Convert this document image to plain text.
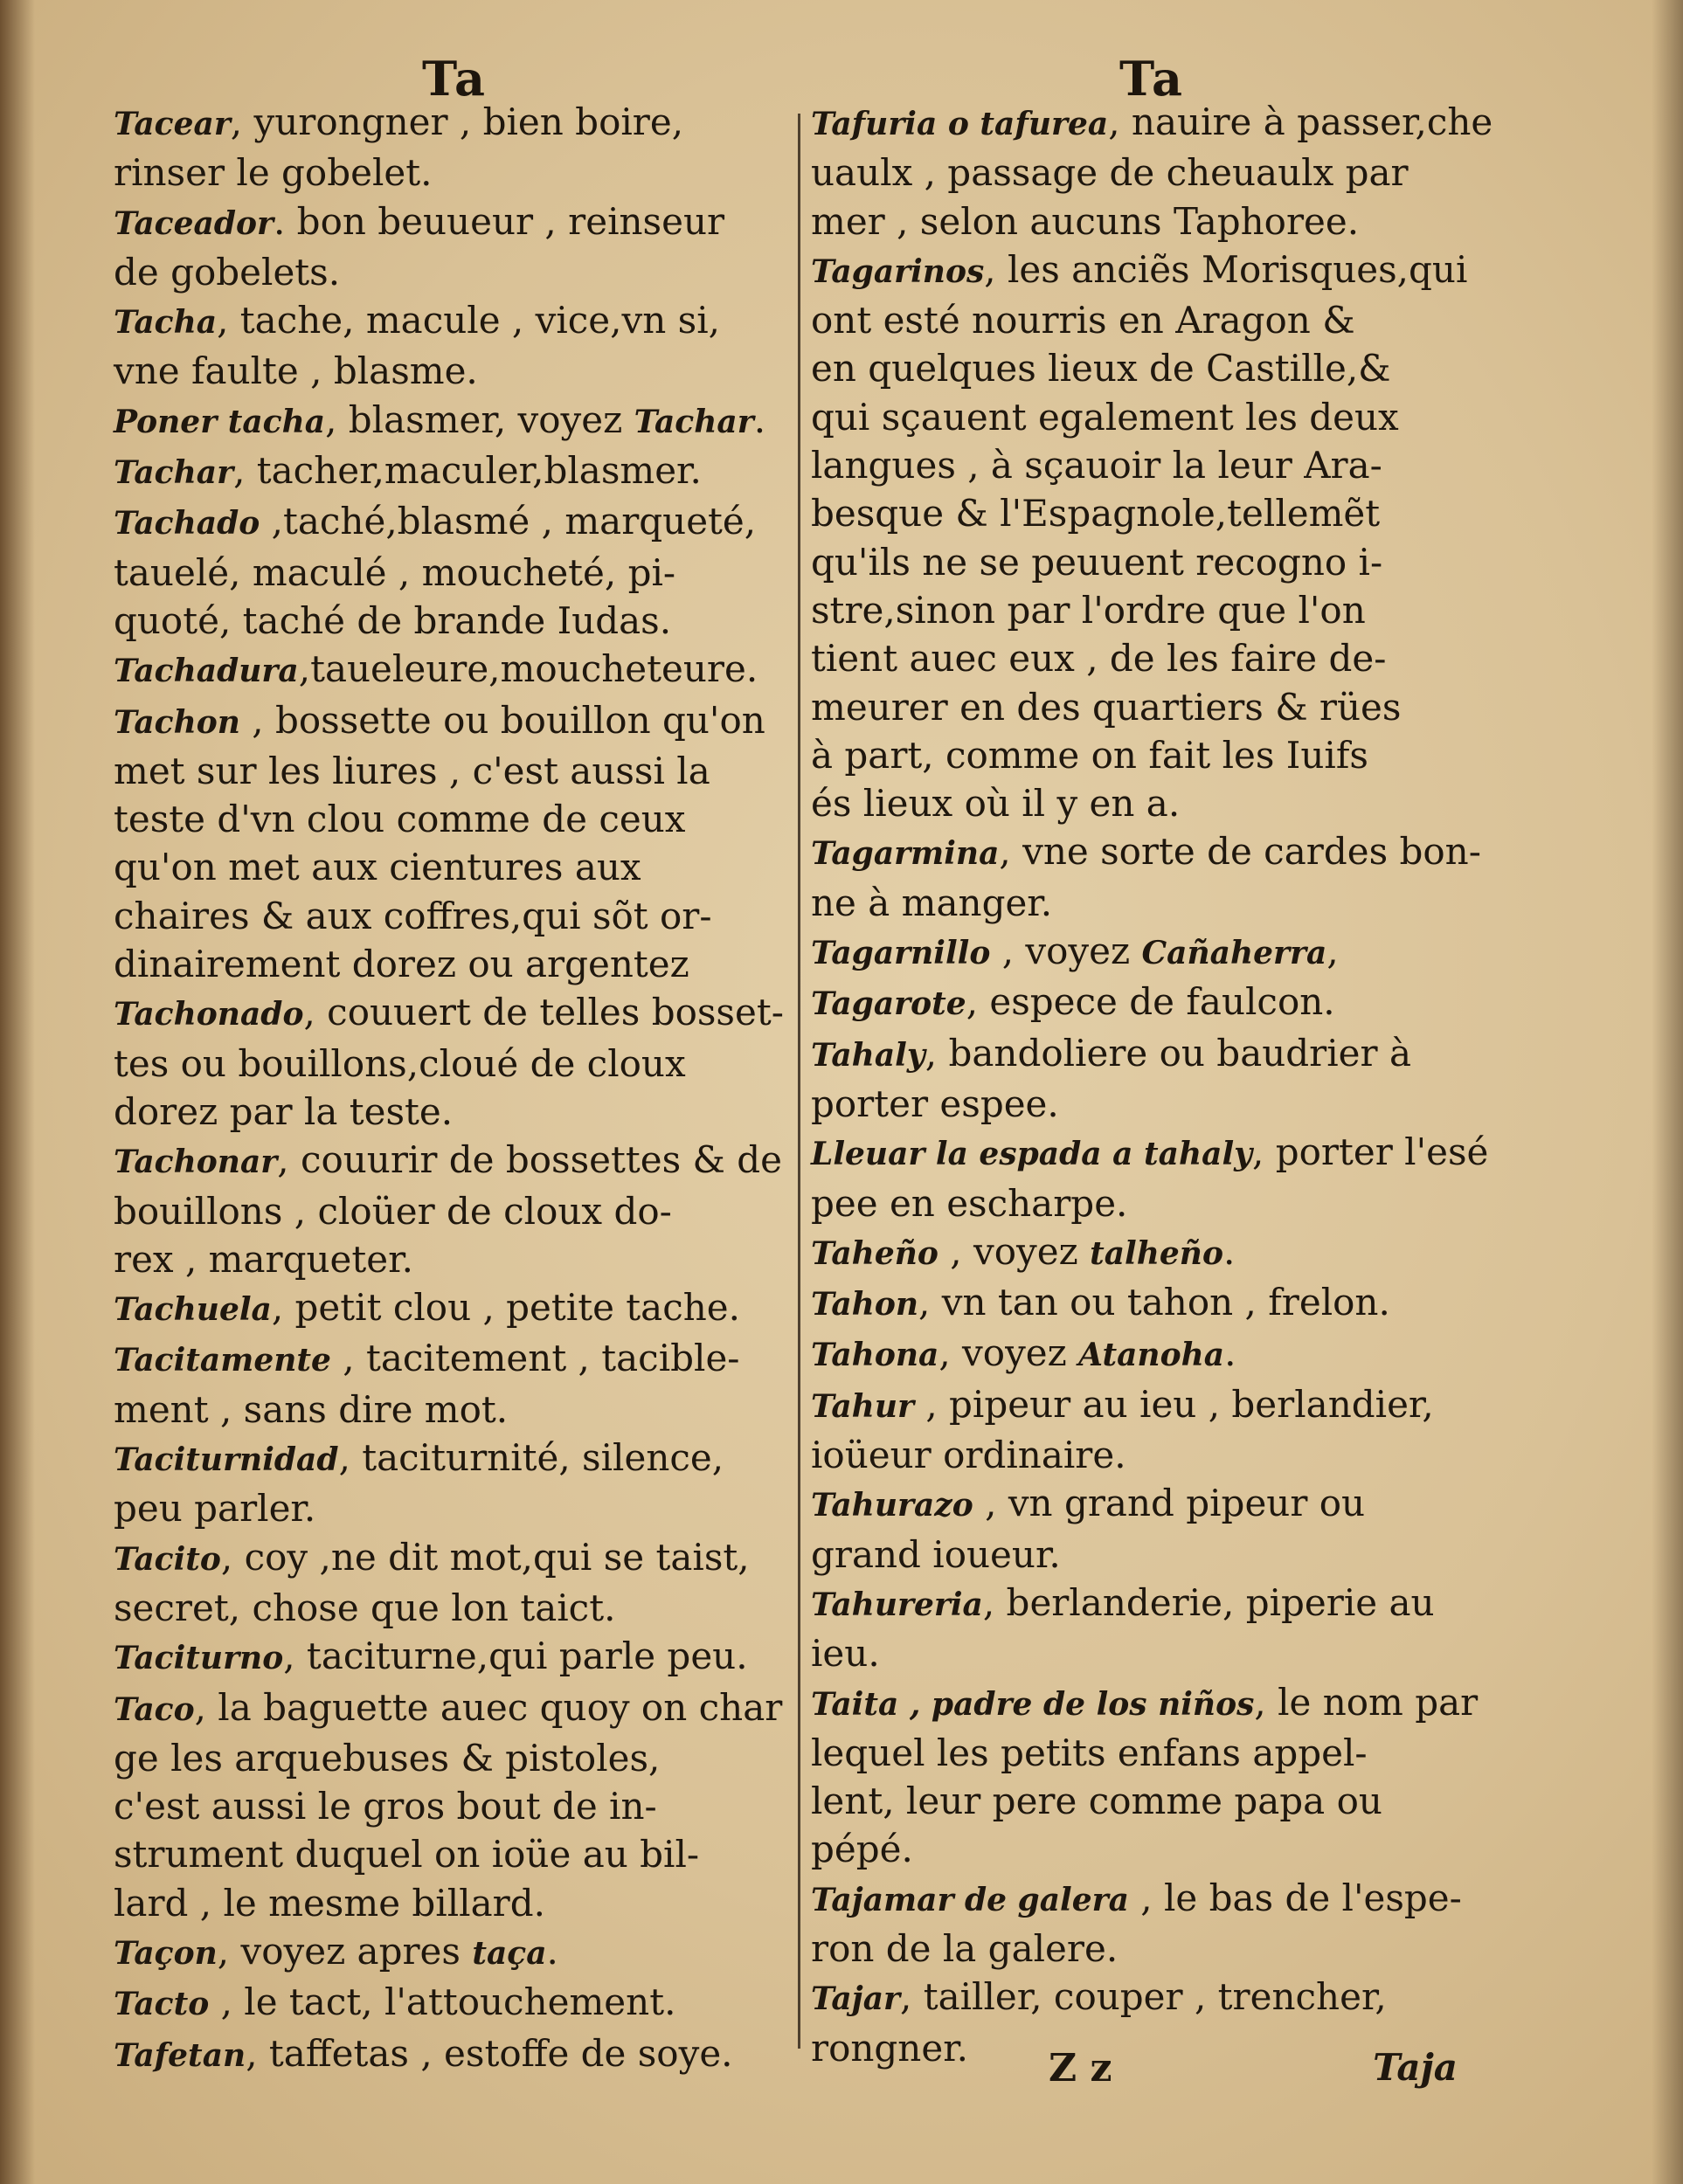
Ta
Tacear, yurongner , bien boire,
rinser le gobelet.
Taceador. bon beuueur , reinseur
de gobelets.
Tacha, tache, macule , vice,vn si,
vne faulte , blasme.
Poner tacha, blasmer, voyez Tachar.
Tachar, tacher,maculer,blasmer.
Tachado ,taché,blasmé , marqueté,
tauelé, maculé , moucheté, pi-
quoté, taché de brande Iudas.
Tachadura,taueleure,moucheteure.
Tachon , bossette ou bouillon qu'on
met sur les liures , c'est aussi la
teste d'vn clou comme de ceux
qu'on met aux cientures aux
chaires & aux coffres,qui sõt or-
dinairement dorez ou argentez
Tachonado, couuert de telles bosset-
tes ou bouillons,cloué de cloux
dorez par la teste.
Tachonar, couurir de bossettes & de
bouillons , cloüer de cloux do-
rex , marqueter.
Tachuela, petit clou , petite tache.
Tacitamente , tacitement , tacible-
ment , sans dire mot.
Taciturnidad, taciturnité, silence,
peu parler.
Tacito, coy ,ne dit mot,qui se taist,
secret, chose que lon taict.
Taciturno, taciturne,qui parle peu.
Taco, la baguette auec quoy on char
ge les arquebuses & pistoles,
c'est aussi le gros bout de in-
strument duquel on ioüe au bil-
lard , le mesme billard.
Taçon, voyez apres taça.
Tacto , le tact, l'attouchement.
Tafetan, taffetas , estoffe de soye.
Ta
Tafuria o tafurea, nauire à passer,che
uaulx , passage de cheuaulx par
mer , selon aucuns Taphoree.
Tagarinos, les anciẽs Morisques,qui
ont esté nourris en Aragon &
en quelques lieux de Castille,&
qui sçauent egalement les deux
langues , à sçauoir la leur Ara-
besque & l'Espagnole,tellemẽt
qu'ils ne se peuuent recogno i-
stre,sinon par l'ordre que l'on
tient auec eux , de les faire de-
meurer en des quartiers & rües
à part, comme on fait les Iuifs
és lieux où il y en a.
Tagarmina, vne sorte de cardes bon-
ne à manger.
Tagarnillo , voyez Cañaherra,
Tagarote, espece de faulcon.
Tahaly, bandoliere ou baudrier à
porter espee.
Lleuar la espada a tahaly, porter l'esé
pee en escharpe.
Taheño , voyez talheño.
Tahon, vn tan ou tahon , frelon.
Tahona, voyez Atanoha.
Tahur , pipeur au ieu , berlandier,
ioüeur ordinaire.
Tahurazo , vn grand pipeur ou
grand ioueur.
Tahureria, berlanderie, piperie au
ieu.
Taita , padre de los niños, le nom par
lequel les petits enfans appel-
lent, leur pere comme papa ou
pépé.
Tajamar de galera , le bas de l'espe-
ron de la galere.
Tajar, tailler, couper , trencher,
rongner.	Z z	Taja
